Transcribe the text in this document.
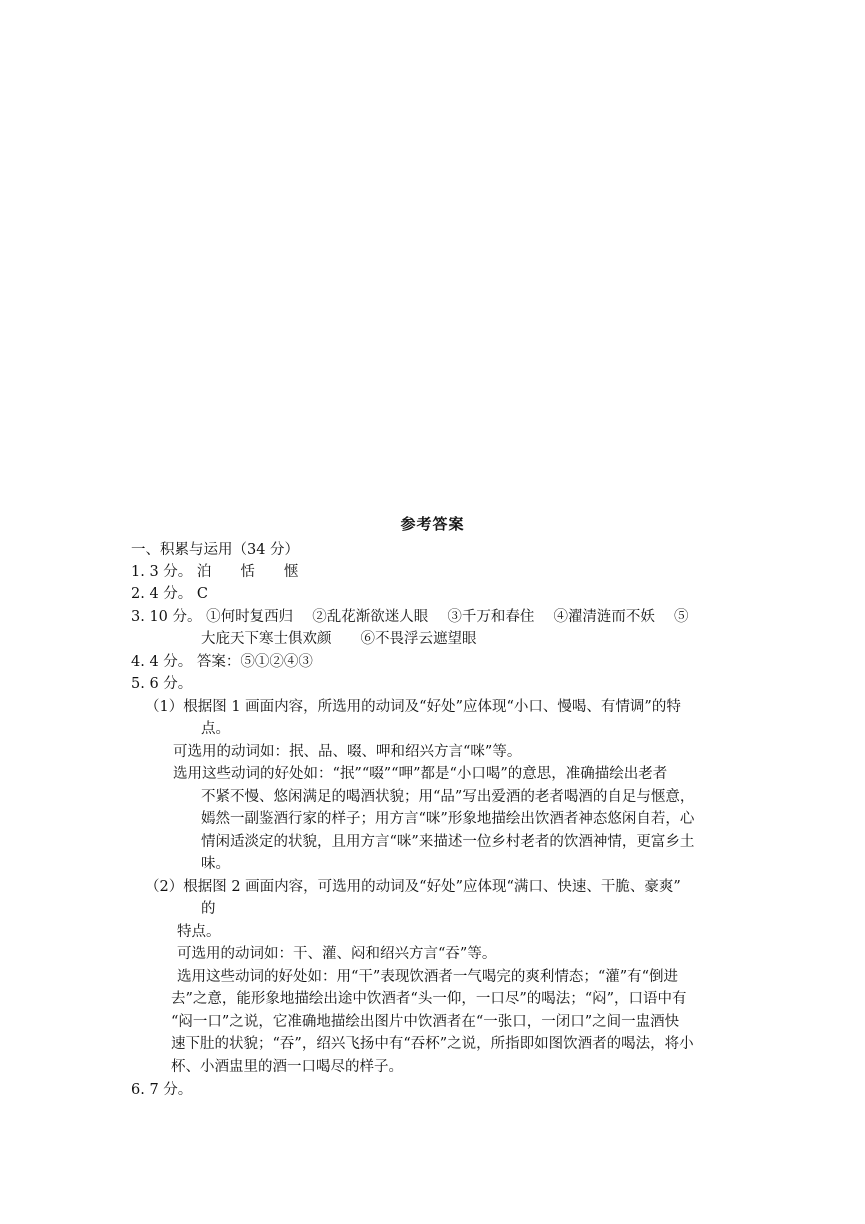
参考答案
一、积累与运用（34 分）
1. 3 分。 泊　　恬　　惬
2. 4 分。 C
3. 10 分。 ①何时复西归　 ②乱花渐欲迷人眼　 ③千万和春住　 ④濯清涟而不妖　 ⑤
大庇天下寒士俱欢颜　　⑥不畏浮云遮望眼
4. 4 分。 答案：⑤①②④③
5. 6 分。
（1）根据图 1 画面内容，所选用的动词及“好处”应体现“小口、慢喝、有情调”的特
点。
可选用的动词如：抿、品、啜、呷和绍兴方言“咪”等。
选用这些动词的好处如：“抿”“啜”“呷”都是“小口喝”的意思，准确描绘出老者
不紧不慢、悠闲满足的喝酒状貌；用“品”写出爱酒的老者喝酒的自足与惬意，
嫣然一副鉴酒行家的样子；用方言“咪”形象地描绘出饮酒者神态悠闲自若，心
情闲适淡定的状貌，且用方言“咪”来描述一位乡村老者的饮酒神情，更富乡土
味。
（2）根据图 2 画面内容，可选用的动词及“好处”应体现“满口、快速、干脆、豪爽”
的
特点。
可选用的动词如：干、灌、闷和绍兴方言“吞”等。
选用这些动词的好处如：用“干”表现饮酒者一气喝完的爽利情态；“灌”有“倒进
去”之意，能形象地描绘出途中饮酒者“头一仰，一口尽”的喝法；“闷”，口语中有
“闷一口”之说，它准确地描绘出图片中饮酒者在“一张口，一闭口”之间一盅酒快
速下肚的状貌；“吞”，绍兴飞扬中有“吞杯”之说，所指即如图饮酒者的喝法，将小
杯、小酒盅里的酒一口喝尽的样子。
6. 7 分。
